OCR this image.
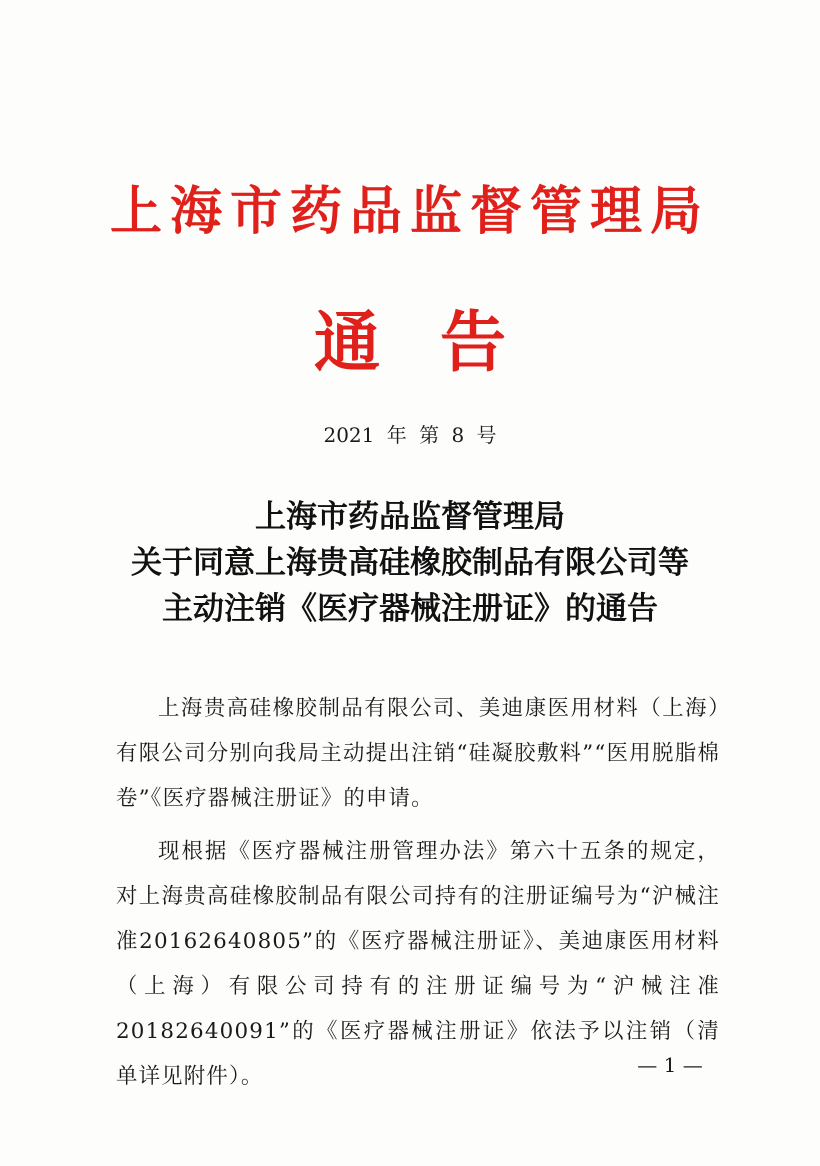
上海市药品监督管理局
通告
2021 年 第 8 号
上海市药品监督管理局
关于同意上海贵高硅橡胶制品有限公司等
主动注销《医疗器械注册证》的通告

上海贵高硅橡胶制品有限公司、美迪康医用材料（上海）有限公司分别向我局主动提出注销“硅凝胶敷料”“医用脱脂棉卷”《医疗器械注册证》的申请。

现根据《医疗器械注册管理办法》第六十五条的规定，对上海贵高硅橡胶制品有限公司持有的注册证编号为“沪械注准20162640805”的《医疗器械注册证》、美迪康医用材料（上海）有限公司持有的注册证编号为“沪械注准 20182640091”的《医疗器械注册证》依法予以注销（清单详见附件）。	— 1 —
